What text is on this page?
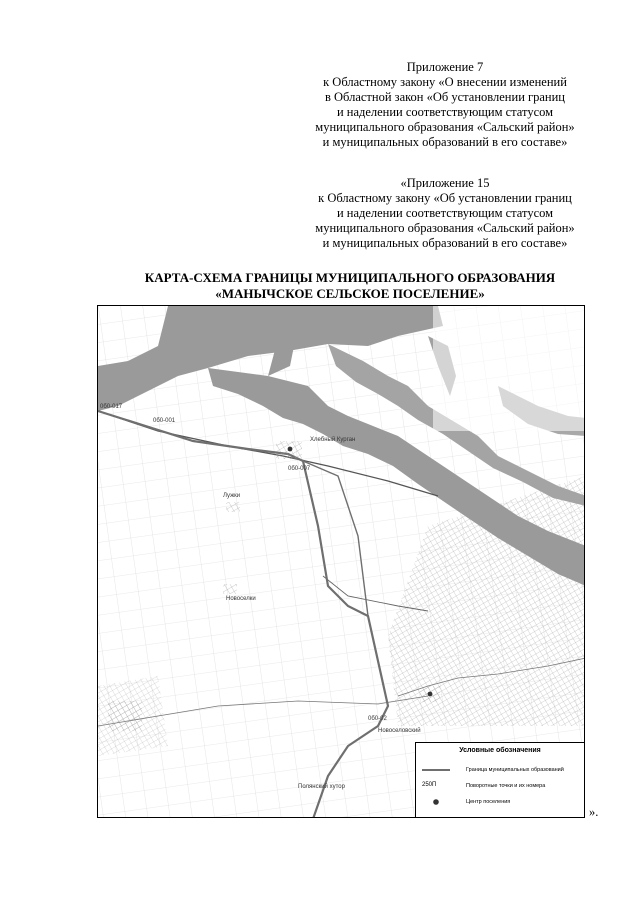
Приложение 7
к Областному закону «О внесении изменений
в Областной закон «Об установлении границ
и наделении соответствующим статусом
муниципального образования «Сальский район»
и муниципальных образований в его составе»
«Приложение 15
к Областному закону «Об установлении границ
и наделении соответствующим статусом
муниципального образования «Сальский район»
и муниципальных образований в его составе»
КАРТА-СХЕМА ГРАНИЦЫ МУНИЦИПАЛЬНОГО ОБРАЗОВАНИЯ
«МАНЫЧСКОЕ СЕЛЬСКОЕ ПОСЕЛЕНИЕ»
Хлебный Курган
Лужки
Новоселки
Новоселовский
Полянский хутор
0б0-001
0б0-017
0б0-007
0б0-02
Условные обозначения
Граница муниципальных образований
250П	Поворотные точки и их номера
Центр поселения
».
